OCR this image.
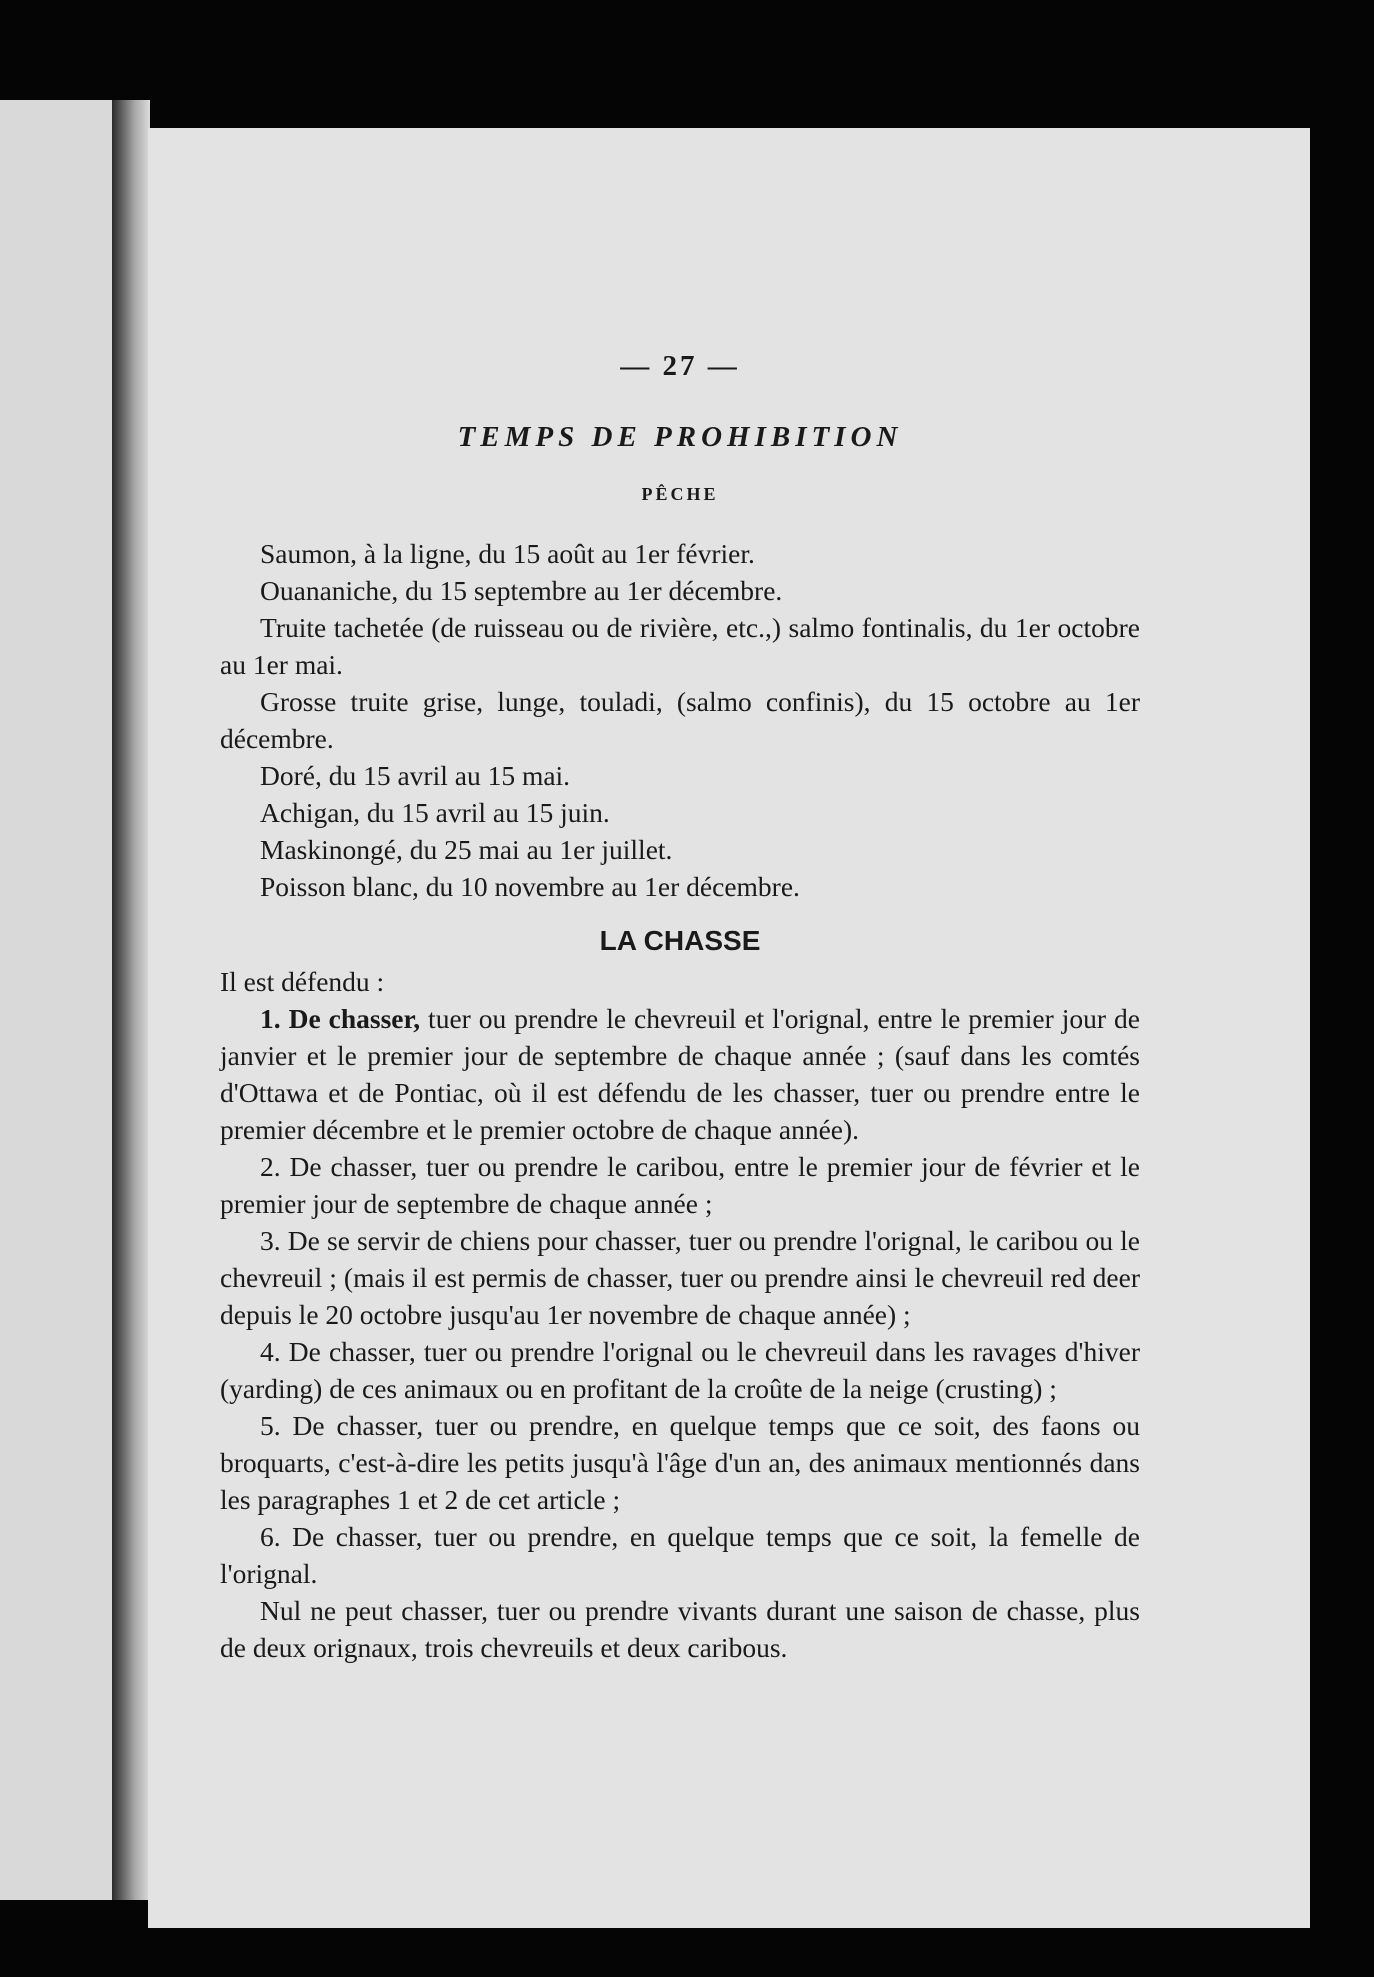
— 27 —

TEMPS DE PROHIBITION

PÊCHE

Saumon, à la ligne, du 15 août au 1er février.

Ouananiche, du 15 septembre au 1er décembre.

Truite tachetée (de ruisseau ou de rivière, etc.,) salmo fontinalis, du 1er octobre au 1er mai.

Grosse truite grise, lunge, touladi, (salmo confinis), du 15 octobre au 1er décembre.

Doré, du 15 avril au 15 mai.

Achigan, du 15 avril au 15 juin.

Maskinongé, du 25 mai au 1er juillet.

Poisson blanc, du 10 novembre au 1er décembre.

LA CHASSE

Il est défendu :

1. De chasser, tuer ou prendre le chevreuil et l'orignal, entre le premier jour de janvier et le premier jour de septembre de chaque année ; (sauf dans les comtés d'Ottawa et de Pontiac, où il est défendu de les chasser, tuer ou prendre entre le premier décembre et le premier octobre de chaque année).

2. De chasser, tuer ou prendre le caribou, entre le premier jour de février et le premier jour de septembre de chaque année ;

3. De se servir de chiens pour chasser, tuer ou prendre l'orignal, le caribou ou le chevreuil ; (mais il est permis de chasser, tuer ou prendre ainsi le chevreuil red deer depuis le 20 octobre jusqu'au 1er novembre de chaque année) ;

4. De chasser, tuer ou prendre l'orignal ou le chevreuil dans les ravages d'hiver (yarding) de ces animaux ou en profitant de la croûte de la neige (crusting) ;

5. De chasser, tuer ou prendre, en quelque temps que ce soit, des faons ou broquarts, c'est-à-dire les petits jusqu'à l'âge d'un an, des animaux mentionnés dans les paragraphes 1 et 2 de cet article ;

6. De chasser, tuer ou prendre, en quelque temps que ce soit, la femelle de l'orignal.

Nul ne peut chasser, tuer ou prendre vivants durant une saison de chasse, plus de deux orignaux, trois chevreuils et deux caribous.
